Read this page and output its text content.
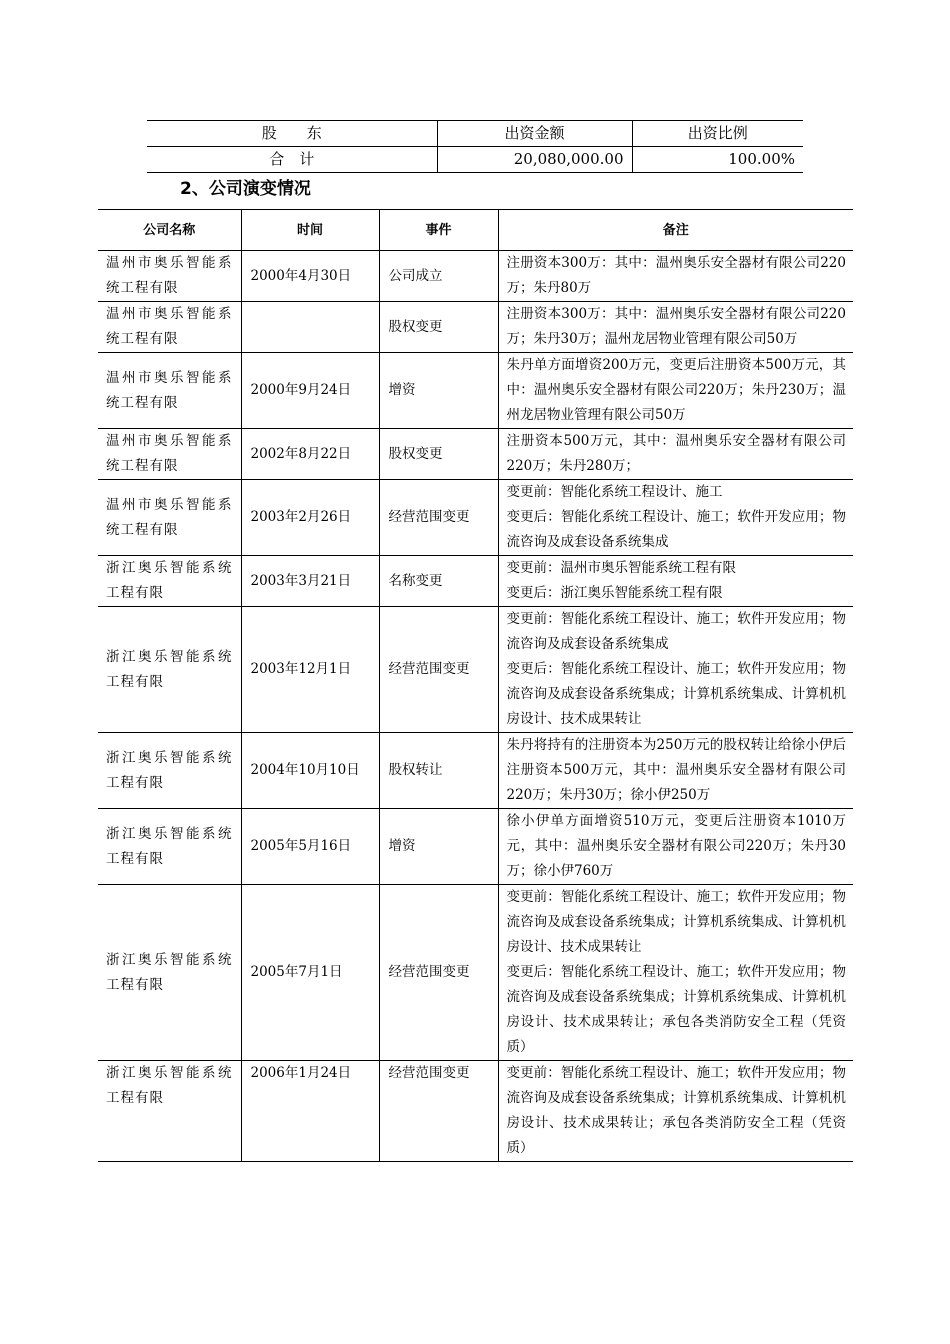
股　　东	出资金额	出资比例
合　计	20,080,000.00	100.00%
2、公司演变情况
公司名称	时间	事件	备注
温州市奥乐智能系统工程有限	2000年4月30日	公司成立	注册资本300万：其中：温州奥乐安全器材有限公司220万；朱丹80万

温州市奥乐智能系统工程有限		股权变更	注册资本300万：其中：温州奥乐安全器材有限公司220万；朱丹30万；温州龙居物业管理有限公司50万

温州市奥乐智能系统工程有限	2000年9月24日	增资	朱丹单方面增资200万元，变更后注册资本500万元，其中：温州奥乐安全器材有限公司220万；朱丹230万；温州龙居物业管理有限公司50万

温州市奥乐智能系统工程有限	2002年8月22日	股权变更	注册资本500万元，其中：温州奥乐安全器材有限公司220万；朱丹280万；

温州市奥乐智能系统工程有限	2003年2月26日	经营范围变更	变更前：智能化系统工程设计、施工
变更后：智能化系统工程设计、施工；软件开发应用；物流咨询及成套设备系统集成

浙江奥乐智能系统工程有限	2003年3月21日	名称变更	变更前：温州市奥乐智能系统工程有限
变更后：浙江奥乐智能系统工程有限

浙江奥乐智能系统工程有限	2003年12月1日	经营范围变更	变更前：智能化系统工程设计、施工；软件开发应用；物流咨询及成套设备系统集成
变更后：智能化系统工程设计、施工；软件开发应用；物流咨询及成套设备系统集成；计算机系统集成、计算机机房设计、技术成果转让

浙江奥乐智能系统工程有限	2004年10月10日	股权转让	朱丹将持有的注册资本为250万元的股权转让给徐小伊后注册资本500万元，其中：温州奥乐安全器材有限公司220万；朱丹30万；徐小伊250万

浙江奥乐智能系统工程有限	2005年5月16日	增资	徐小伊单方面增资510万元，变更后注册资本1010万元，其中：温州奥乐安全器材有限公司220万；朱丹30万；徐小伊760万

浙江奥乐智能系统工程有限	2005年7月1日	经营范围变更	变更前：智能化系统工程设计、施工；软件开发应用；物流咨询及成套设备系统集成；计算机系统集成、计算机机房设计、技术成果转让
变更后：智能化系统工程设计、施工；软件开发应用；物流咨询及成套设备系统集成；计算机系统集成、计算机机房设计、技术成果转让；承包各类消防安全工程（凭资质）

浙江奥乐智能系统工程有限	2006年1月24日	经营范围变更	变更前：智能化系统工程设计、施工；软件开发应用；物流咨询及成套设备系统集成；计算机系统集成、计算机机房设计、技术成果转让；承包各类消防安全工程（凭资质）
